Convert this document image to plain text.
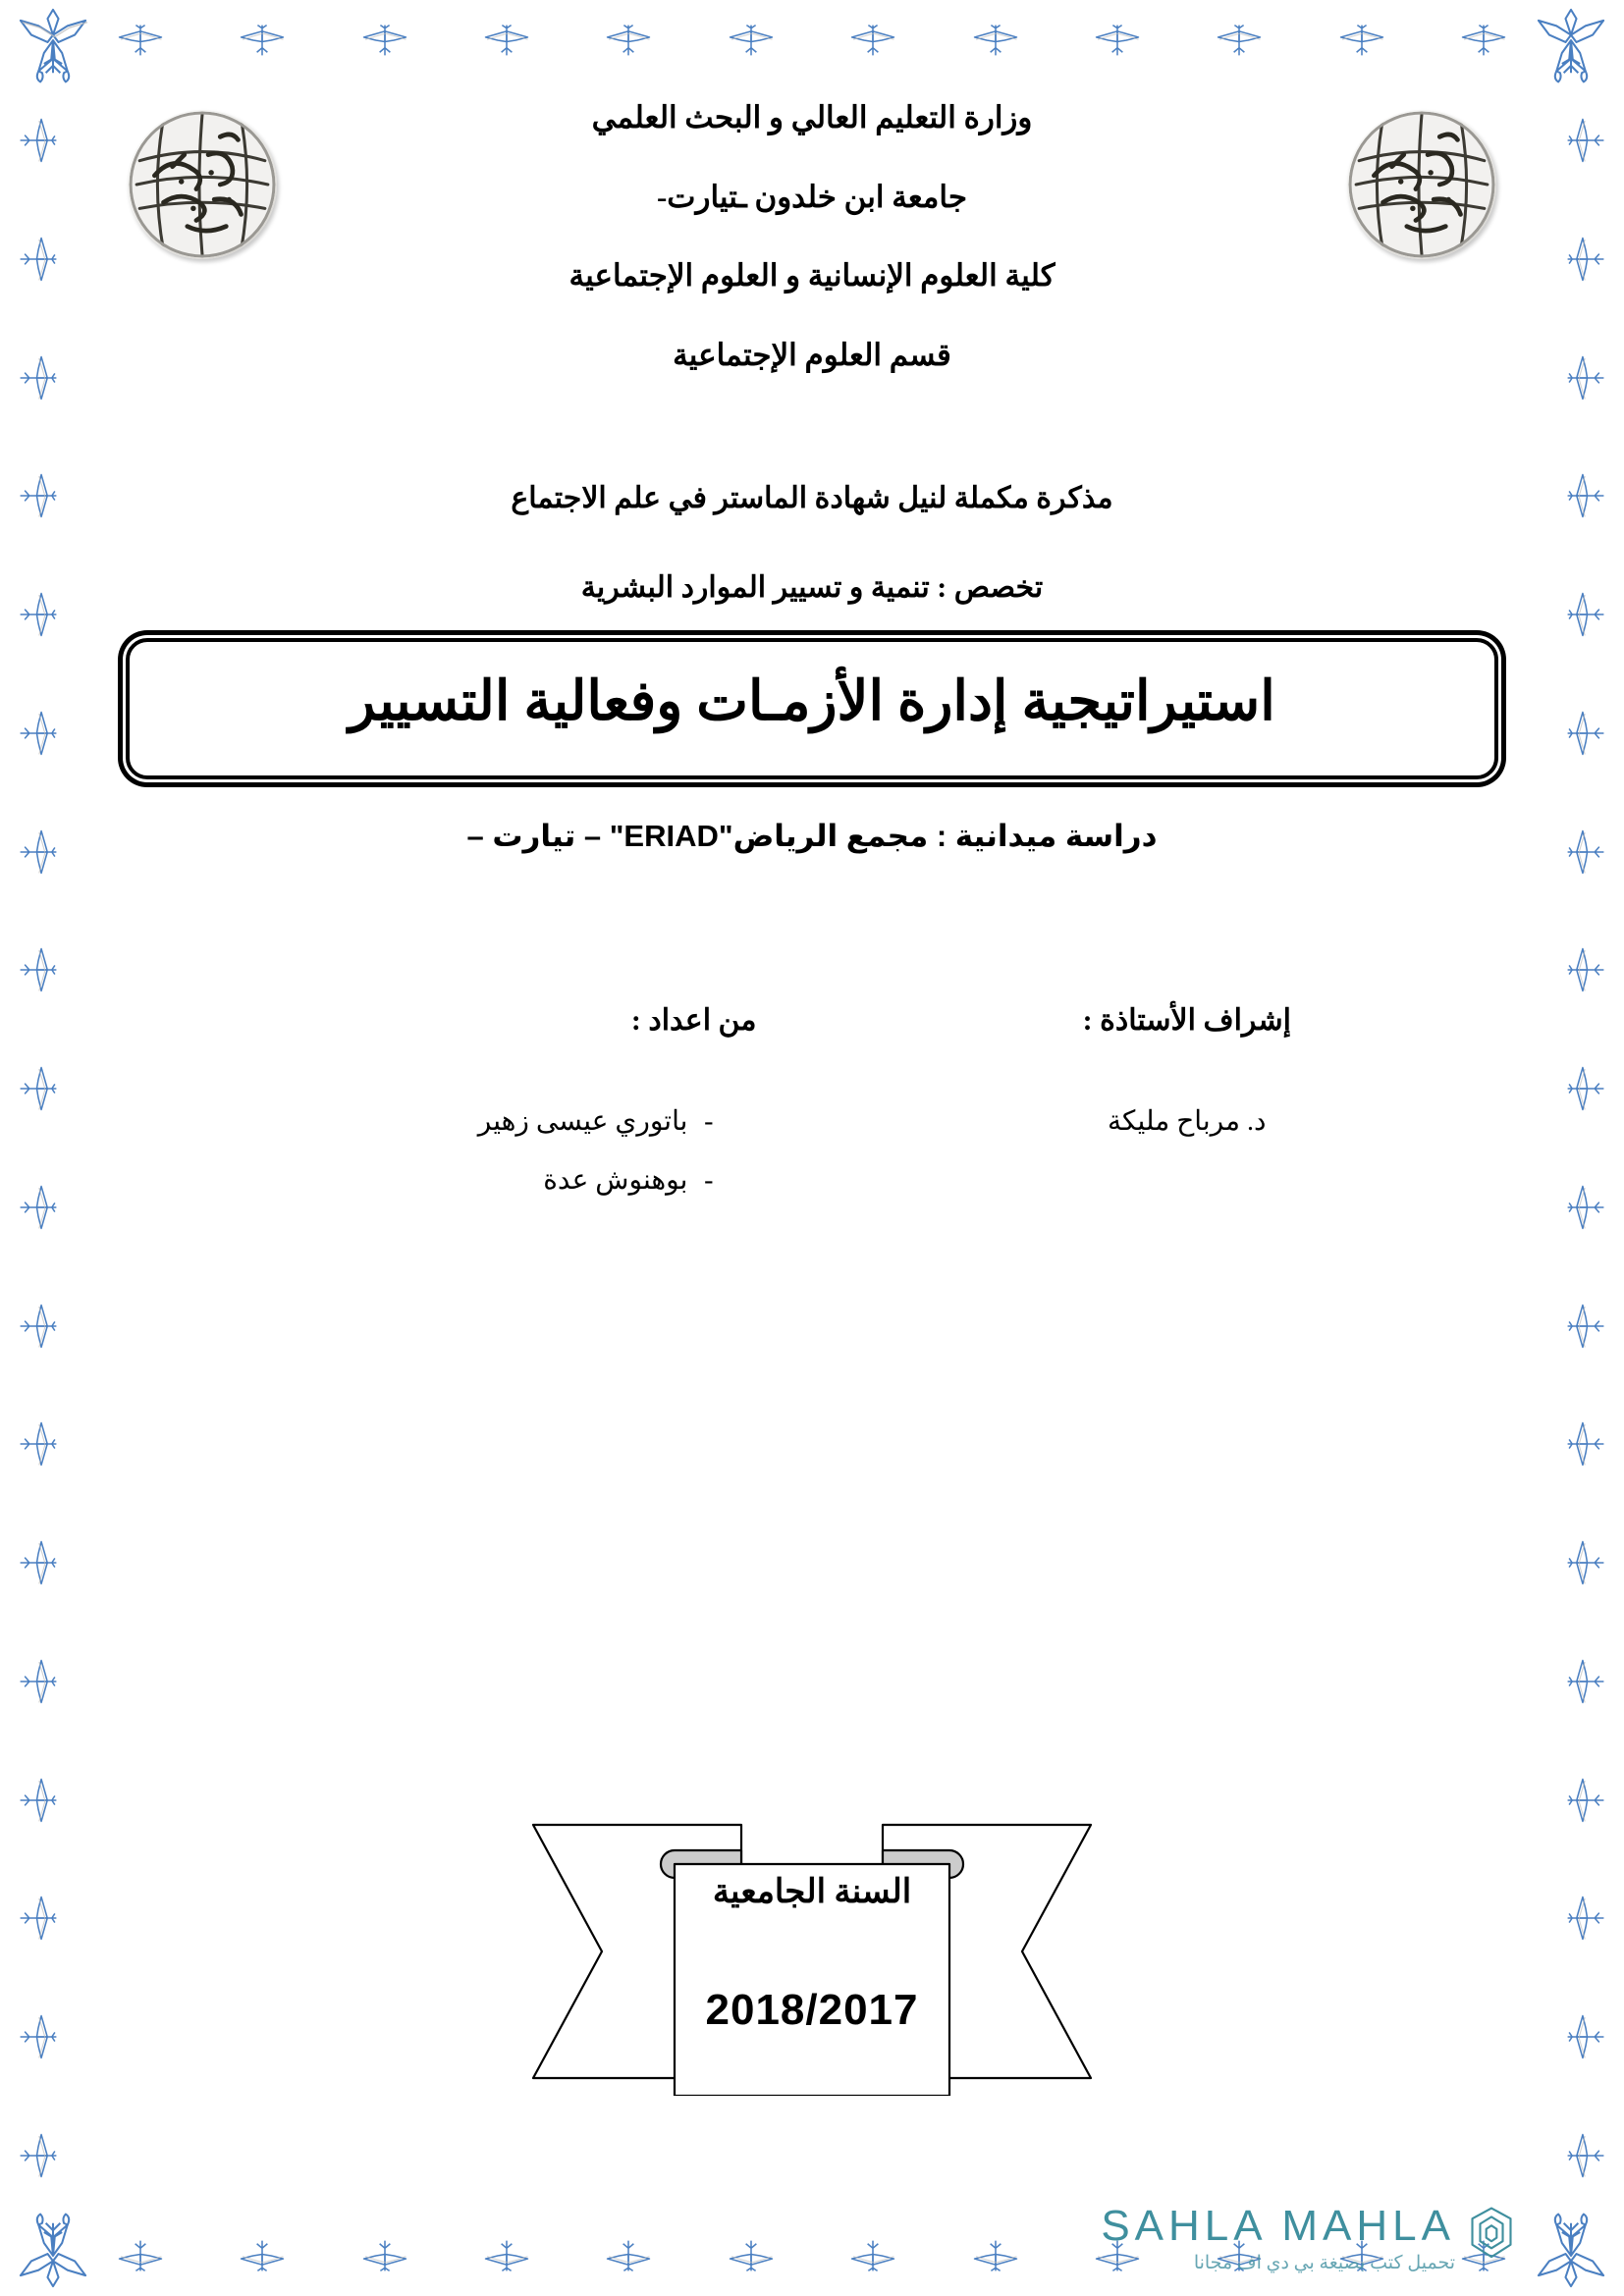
وزارة التعليم العالي و البحث العلمي

جامعة ابن خلدون ـتيارت-

كلية العلوم الإنسانية و العلوم الإجتماعية

قسم العلوم الإجتماعية

مذكرة مكملة لنيل شهادة الماستر في علم الاجتماع

تخصص : تنمية و تسيير الموارد البشرية

استيراتيجية إدارة الأزمـات وفعالية التسيير

دراسة ميدانية : مجمع الرياض"ERIAD" – تيارت –

إشراف الأستاذة :

د. مرباح مليكة

من اعداد :

-باتوري عيسى زهير

-بوهنوش عدة

السنة الجامعية
2018/2017
SAHLA MAHLA
تحميل كتب بصيغة بي دي اف مجانا
